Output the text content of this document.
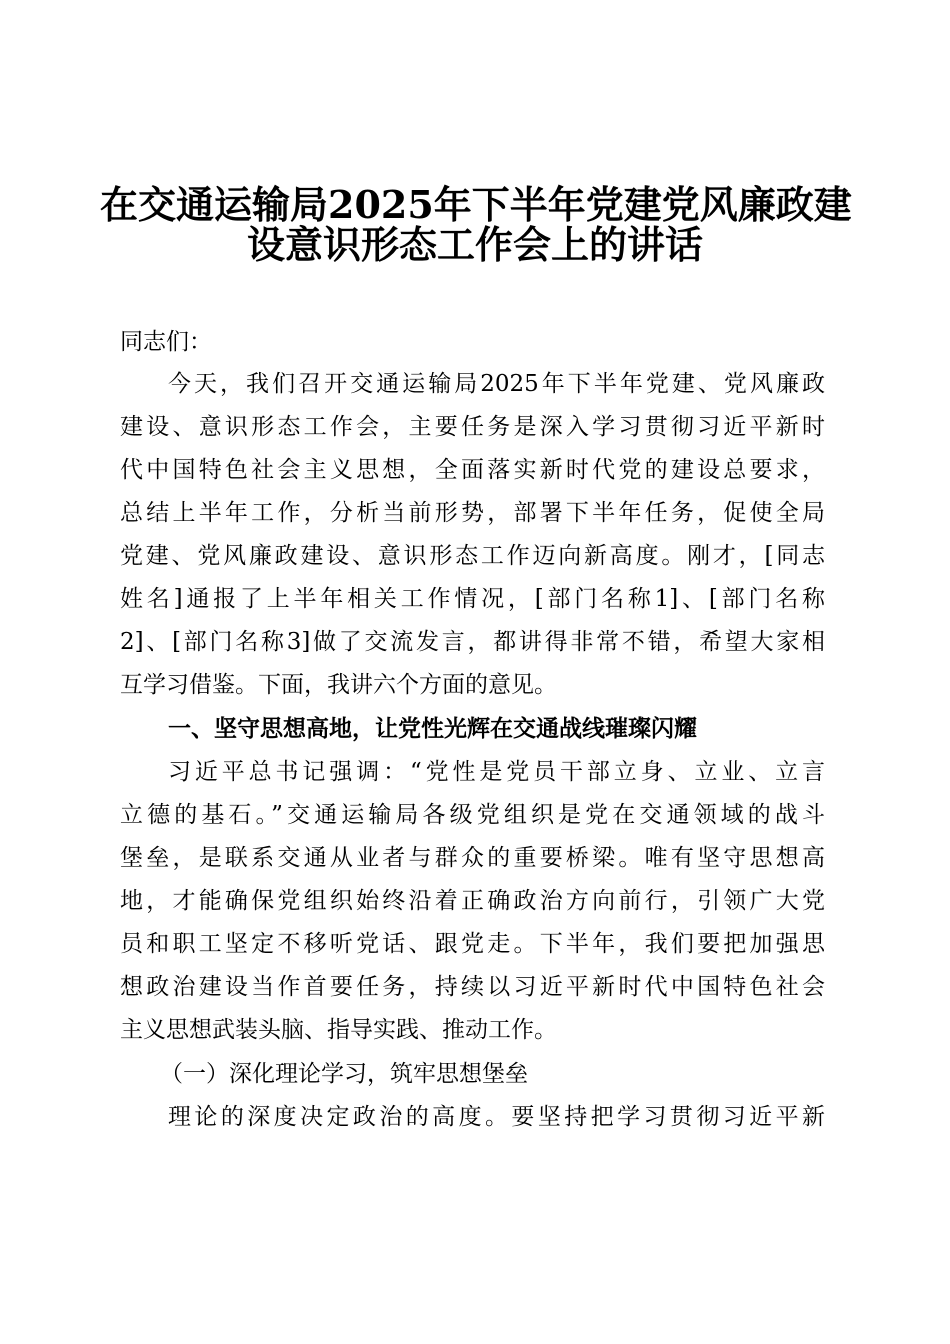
在交通运输局2025年下半年党建党风廉政建
设意识形态工作会上的讲话
同志们：
今天，我们召开交通运输局2025年下半年党建、党风廉政
建设、意识形态工作会，主要任务是深入学习贯彻习近平新时
代中国特色社会主义思想，全面落实新时代党的建设总要求，
总结上半年工作，分析当前形势，部署下半年任务，促使全局
党建、党风廉政建设、意识形态工作迈向新高度。刚才，[同志
姓名]通报了上半年相关工作情况，[部门名称1]、[部门名称
2]、[部门名称3]做了交流发言，都讲得非常不错，希望大家相
互学习借鉴。下面，我讲六个方面的意见。
一、坚守思想高地，让党性光辉在交通战线璀璨闪耀
习近平总书记强调：“党性是党员干部立身、立业、立言
立德的基石。”交通运输局各级党组织是党在交通领域的战斗
堡垒，是联系交通从业者与群众的重要桥梁。唯有坚守思想高
地，才能确保党组织始终沿着正确政治方向前行，引领广大党
员和职工坚定不移听党话、跟党走。下半年，我们要把加强思
想政治建设当作首要任务，持续以习近平新时代中国特色社会
主义思想武装头脑、指导实践、推动工作。
（一）深化理论学习，筑牢思想堡垒
理论的深度决定政治的高度。要坚持把学习贯彻习近平新
